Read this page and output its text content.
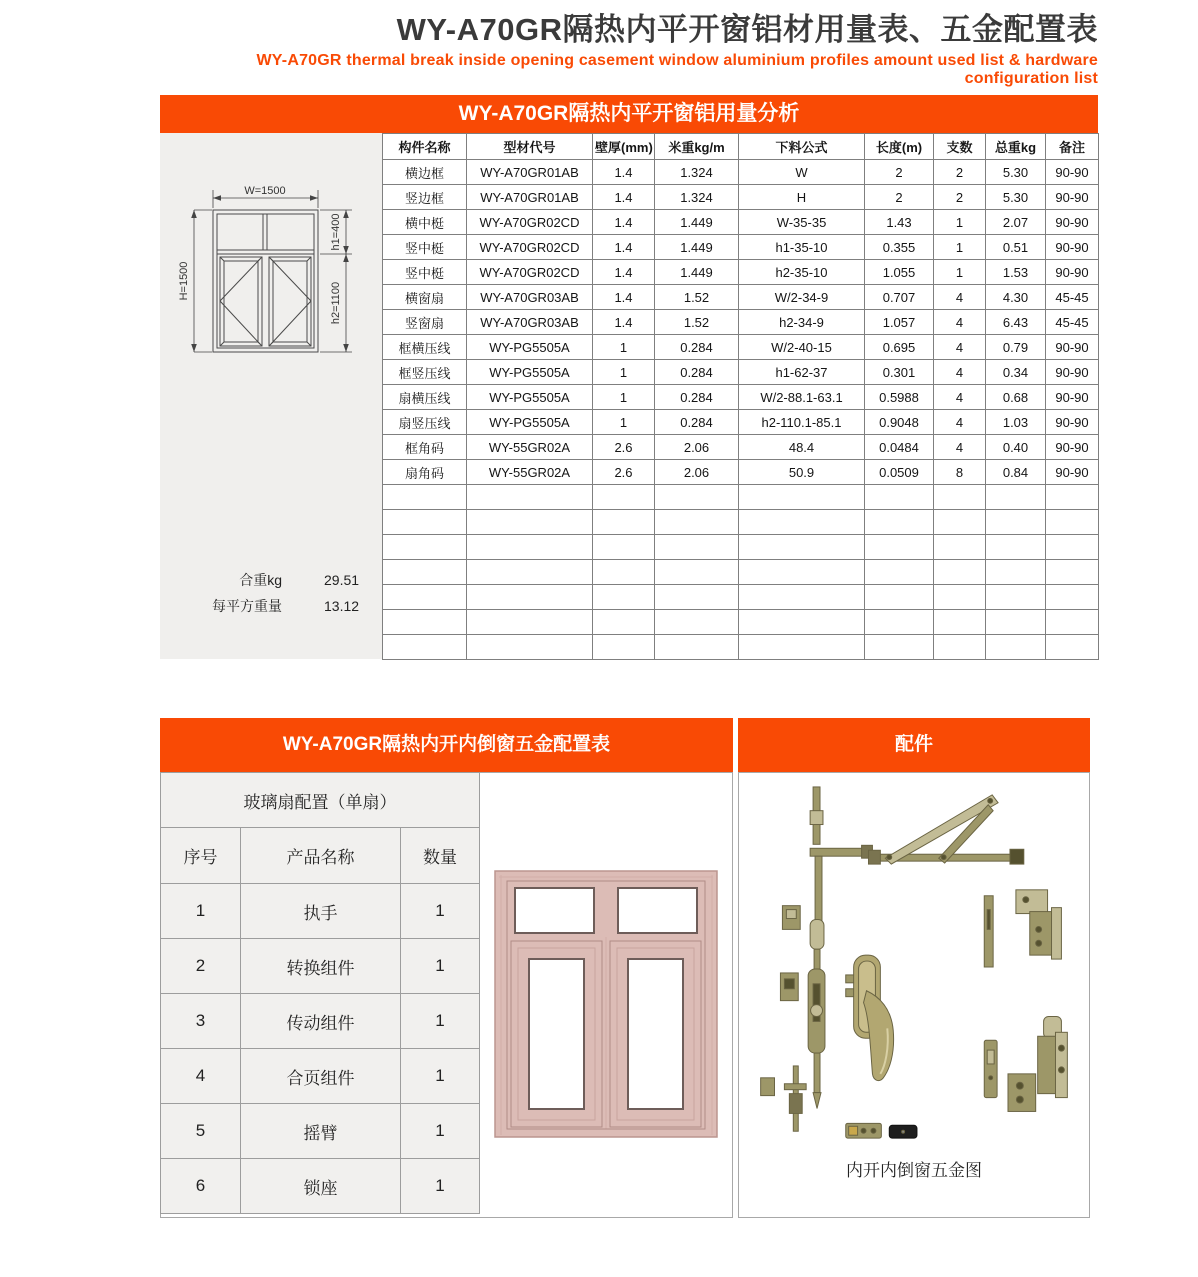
WY-A70GR隔热内平开窗铝材用量表、五金配置表
WY-A70GR thermal break inside opening casement window aluminium profiles amount used list & hardware configuration list
WY-A70GR隔热内平开窗铝用量分析
W=1500
H=1500
h1=400
h2=1100
合重kg	29.51
每平方重量	13.12
构件名称	型材代号	壁厚(mm)	米重kg/m	下料公式	长度(m)	支数	总重kg	备注
横边框	WY-A70GR01AB	1.4	1.324	W	2	2	5.30	90-90
竖边框	WY-A70GR01AB	1.4	1.324	H	2	2	5.30	90-90
横中梃	WY-A70GR02CD	1.4	1.449	W-35-35	1.43	1	2.07	90-90
竖中梃	WY-A70GR02CD	1.4	1.449	h1-35-10	0.355	1	0.51	90-90
竖中梃	WY-A70GR02CD	1.4	1.449	h2-35-10	1.055	1	1.53	90-90
横窗扇	WY-A70GR03AB	1.4	1.52	W/2-34-9	0.707	4	4.30	45-45
竖窗扇	WY-A70GR03AB	1.4	1.52	h2-34-9	1.057	4	6.43	45-45
框横压线	WY-PG5505A	1	0.284	W/2-40-15	0.695	4	0.79	90-90
框竖压线	WY-PG5505A	1	0.284	h1-62-37	0.301	4	0.34	90-90
扇横压线	WY-PG5505A	1	0.284	W/2-88.1-63.1	0.5988	4	0.68	90-90
扇竖压线	WY-PG5505A	1	0.284	h2-110.1-85.1	0.9048	4	1.03	90-90
框角码	WY-55GR02A	2.6	2.06	48.4	0.0484	4	0.40	90-90
扇角码	WY-55GR02A	2.6	2.06	50.9	0.0509	8	0.84	90-90

WY-A70GR隔热内开内倒窗五金配置表
玻璃扇配置（单扇）		
序号	产品名称	数量
1	执手	1
2	转换组件	1
3	传动组件	1
4	合页组件	1
5	摇臂	1
6	锁座	1
配件
内开内倒窗五金图
